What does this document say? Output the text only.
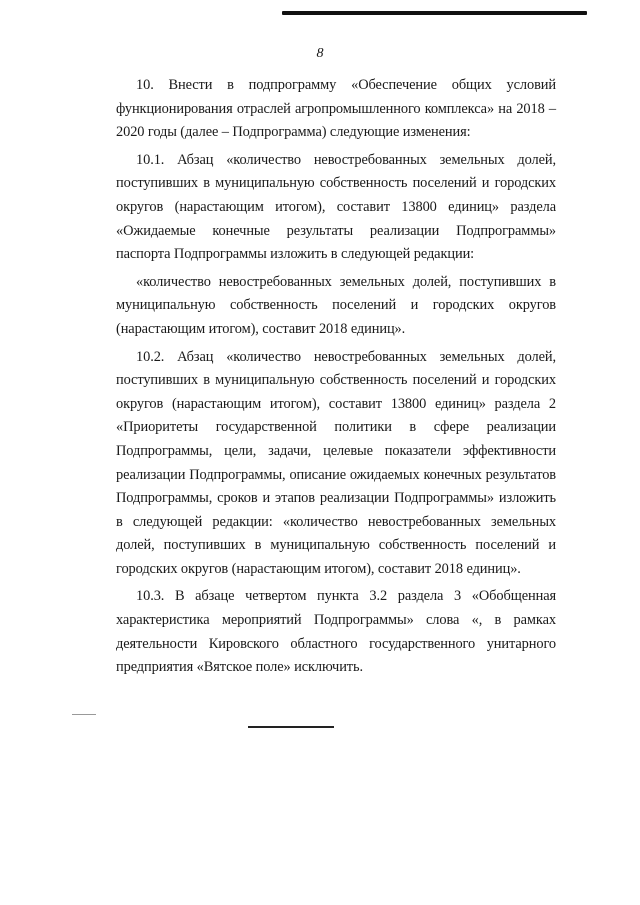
8

10. Внести в подпрограмму «Обеспечение общих условий функционирования отраслей агропромышленного комплекса» на 2018 – 2020 годы (далее – Подпрограмма) следующие изменения:

10.1. Абзац «количество невостребованных земельных долей, поступивших в муниципальную собственность поселений и городских округов (нарастающим итогом), составит 13800 единиц» раздела «Ожидаемые конечные результаты реализации Подпрограммы» паспорта Подпрограммы изложить в следующей редакции:

«количество невостребованных земельных долей, поступивших в муниципальную собственность поселений и городских округов (нарастающим итогом), составит 2018 единиц».

10.2. Абзац «количество невостребованных земельных долей, поступивших в муниципальную собственность поселений и городских округов (нарастающим итогом), составит 13800 единиц» раздела 2 «Приоритеты государственной политики в сфере реализации Подпрограммы, цели, задачи, целевые показатели эффективности реализации Подпрограммы, описание ожидаемых конечных результатов Подпрограммы, сроков и этапов реализации Подпрограммы» изложить в следующей редакции: «количество невостребованных земельных долей, поступивших в муниципальную собственность поселений и городских округов (нарастающим итогом), составит 2018 единиц».

10.3. В абзаце четвертом пункта 3.2 раздела 3 «Обобщенная характеристика мероприятий Подпрограммы» слова «, в рамках деятельности Кировского областного государственного унитарного предприятия «Вятское поле» исключить.
